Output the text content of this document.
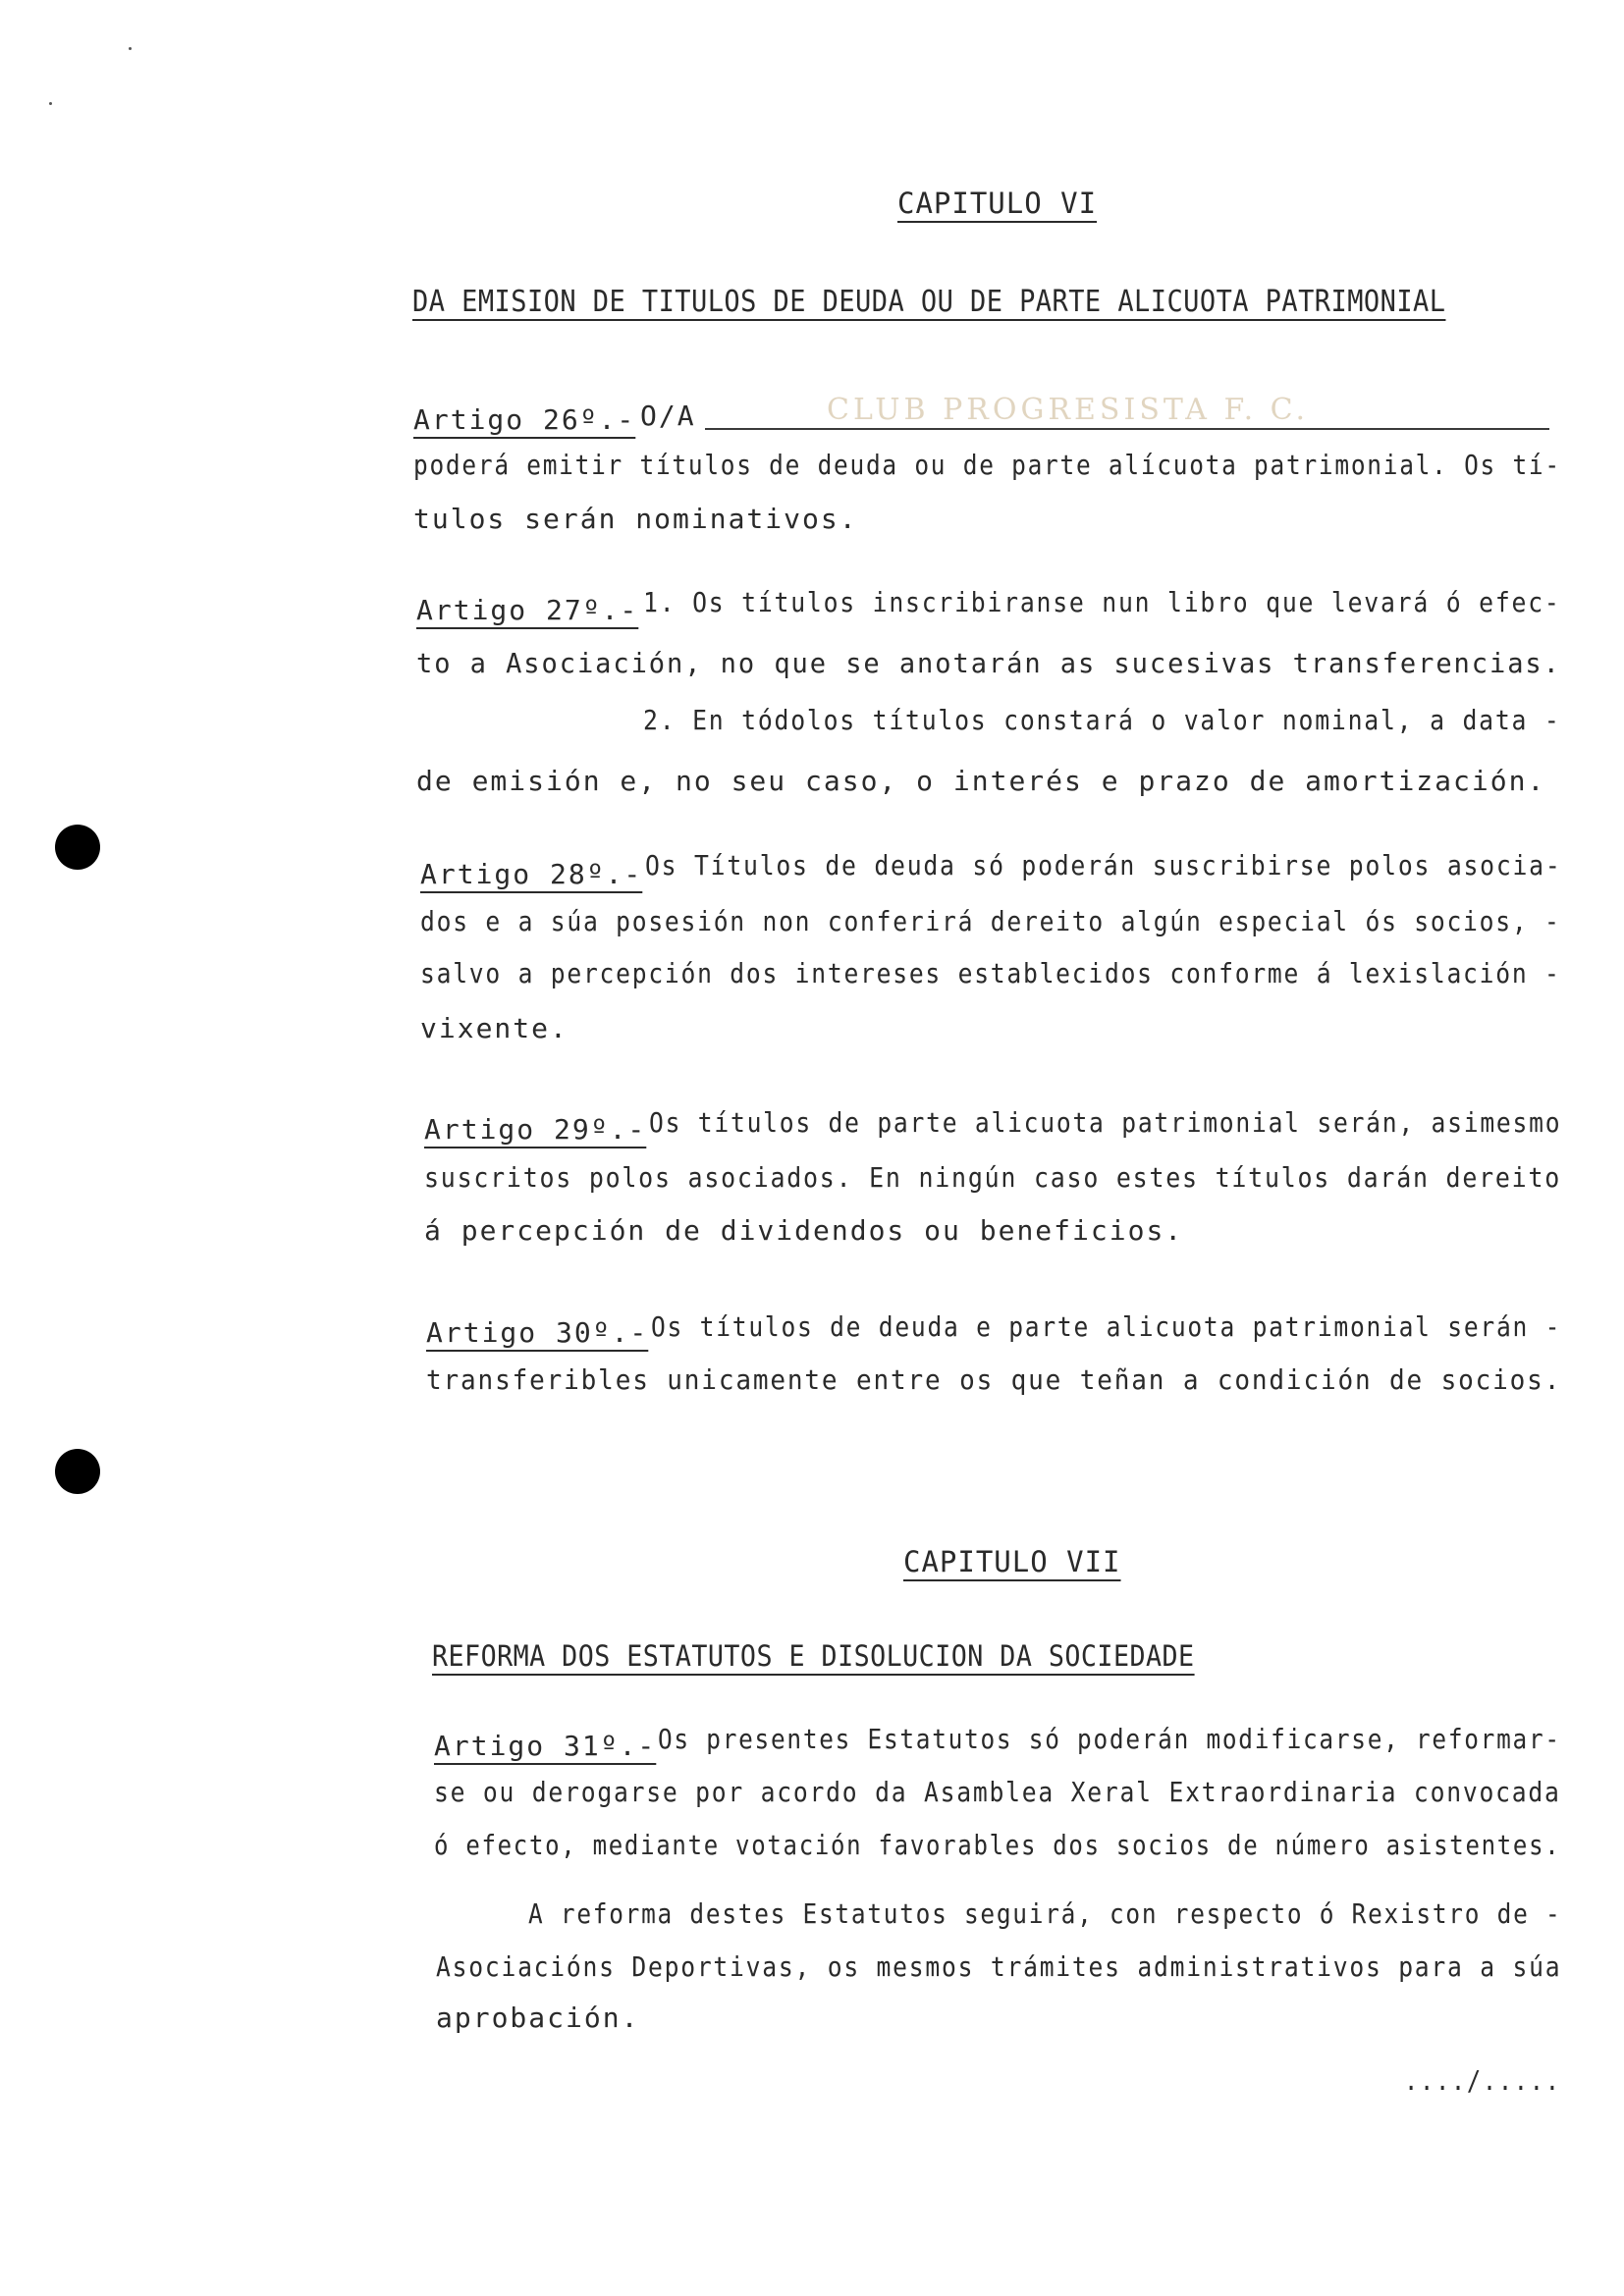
CAPITULO VI
DA EMISION DE TITULOS DE DEUDA OU DE PARTE ALICUOTA PATRIMONIAL
Artigo 26º.- O/A	CLUB PROGRESISTA F. C.
poderá emitir títulos de deuda ou de parte alícuota patrimonial. Os tí-
tulos serán nominativos.
Artigo 27º.- 1. Os títulos inscribiranse nun libro que levará ó efec-
to a Asociación, no que se anotarán as sucesivas transferencias.
2. En tódolos títulos constará o valor nominal, a data -
de emisión e, no seu caso, o interés e prazo de amortización.
Artigo 28º.- Os Títulos de deuda só poderán suscribirse polos asocia-
dos e a súa posesión non conferirá dereito algún especial ós socios, -
salvo a percepción dos intereses establecidos conforme á lexislación -
vixente.
Artigo 29º.- Os títulos de parte alicuota patrimonial serán, asimesmo
suscritos polos asociados. En ningún caso estes títulos darán dereito
á percepción de dividendos ou beneficios.
Artigo 30º.- Os títulos de deuda e parte alicuota patrimonial serán -
transferibles unicamente entre os que teñan a condición de socios.
CAPITULO VII
REFORMA DOS ESTATUTOS E DISOLUCION DA SOCIEDADE
Artigo 31º.- Os presentes Estatutos só poderán modificarse, reformar-
se ou derogarse por acordo da Asamblea Xeral Extraordinaria convocada
ó efecto, mediante votación favorables dos socios de número asistentes.
A reforma destes Estatutos seguirá, con respecto ó Rexistro de -
Asociacións Deportivas, os mesmos trámites administrativos para a súa
aprobación.
..../.....
